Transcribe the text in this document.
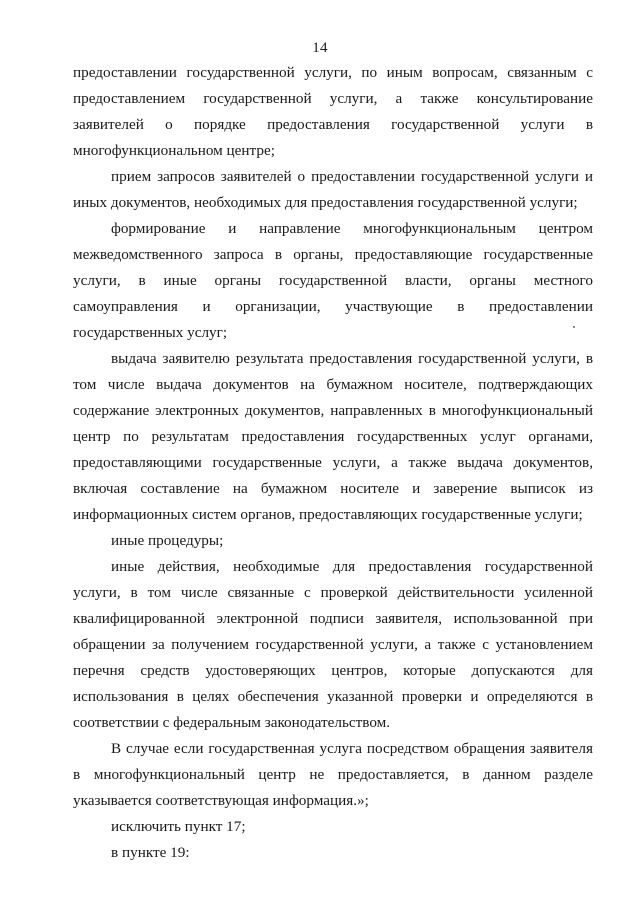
14

предоставлении государственной услуги, по иным вопросам, связанным с предоставлением государственной услуги, а также консультирование заявителей о порядке предоставления государственной услуги в многофункциональном центре;

прием запросов заявителей о предоставлении государственной услуги и иных документов, необходимых для предоставления государственной услуги;

формирование и направление многофункциональным центром межведомственного запроса в органы, предоставляющие государственные услуги, в иные органы государственной власти, органы местного самоуправления и организации, участвующие в предоставлении государственных услуг;

выдача заявителю результата предоставления государственной услуги, в том числе выдача документов на бумажном носителе, подтверждающих содержание электронных документов, направленных в многофункциональный центр по результатам предоставления государственных услуг органами, предоставляющими государственные услуги, а также выдача документов, включая составление на бумажном носителе и заверение выписок из информационных систем органов, предоставляющих государственные услуги;

иные процедуры;

иные действия, необходимые для предоставления государственной услуги, в том числе связанные с проверкой действительности усиленной квалифицированной электронной подписи заявителя, использованной при обращении за получением государственной услуги, а также с установлением перечня средств удостоверяющих центров, которые допускаются для использования в целях обеспечения указанной проверки и определяются в соответствии с федеральным законодательством.

В случае если государственная услуга посредством обращения заявителя в многофункциональный центр не предоставляется, в данном разделе указывается соответствующая информация.»;

исключить пункт 17;

в пункте 19:
